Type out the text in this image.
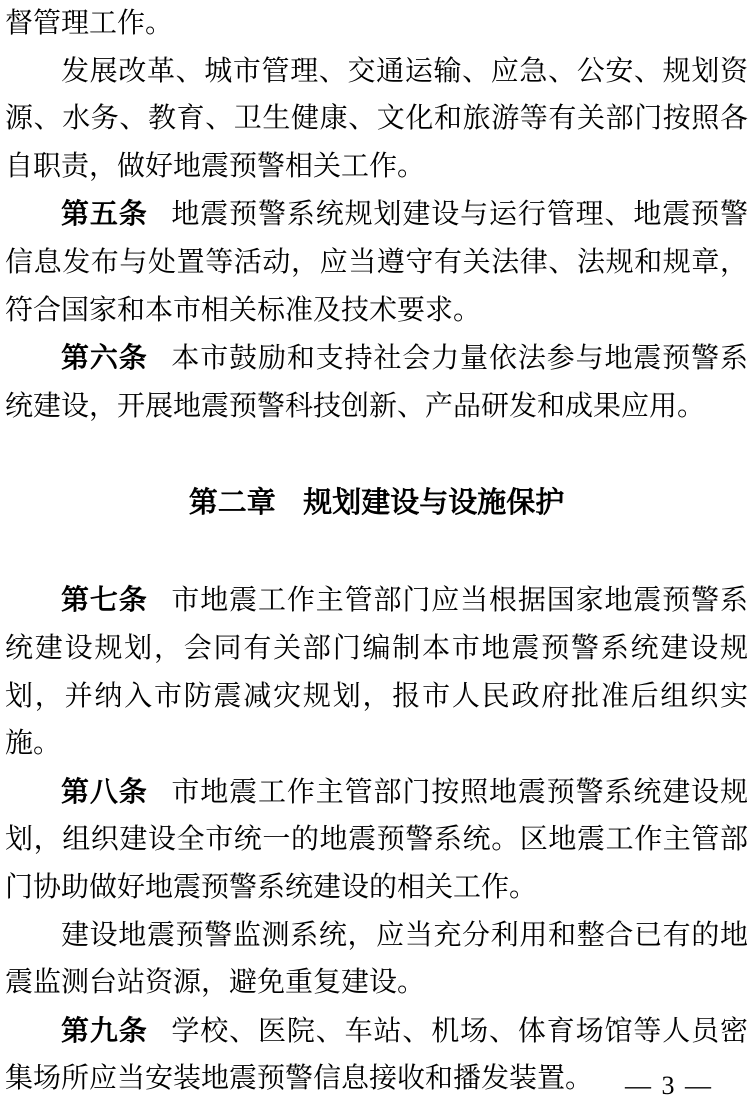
督管理工作。

发展改革、城市管理、交通运输、应急、公安、规划资源、水务、教育、卫生健康、文化和旅游等有关部门按照各自职责，做好地震预警相关工作。

第五条 地震预警系统规划建设与运行管理、地震预警信息发布与处置等活动，应当遵守有关法律、法规和规章，符合国家和本市相关标准及技术要求。

第六条 本市鼓励和支持社会力量依法参与地震预警系统建设，开展地震预警科技创新、产品研发和成果应用。

第二章 规划建设与设施保护

第七条 市地震工作主管部门应当根据国家地震预警系统建设规划，会同有关部门编制本市地震预警系统建设规划，并纳入市防震减灾规划，报市人民政府批准后组织实施。

第八条 市地震工作主管部门按照地震预警系统建设规划，组织建设全市统一的地震预警系统。区地震工作主管部门协助做好地震预警系统建设的相关工作。

建设地震预警监测系统，应当充分利用和整合已有的地震监测台站资源，避免重复建设。

第九条 学校、医院、车站、机场、体育场馆等人员密集场所应当安装地震预警信息接收和播发装置。	— 3 —
